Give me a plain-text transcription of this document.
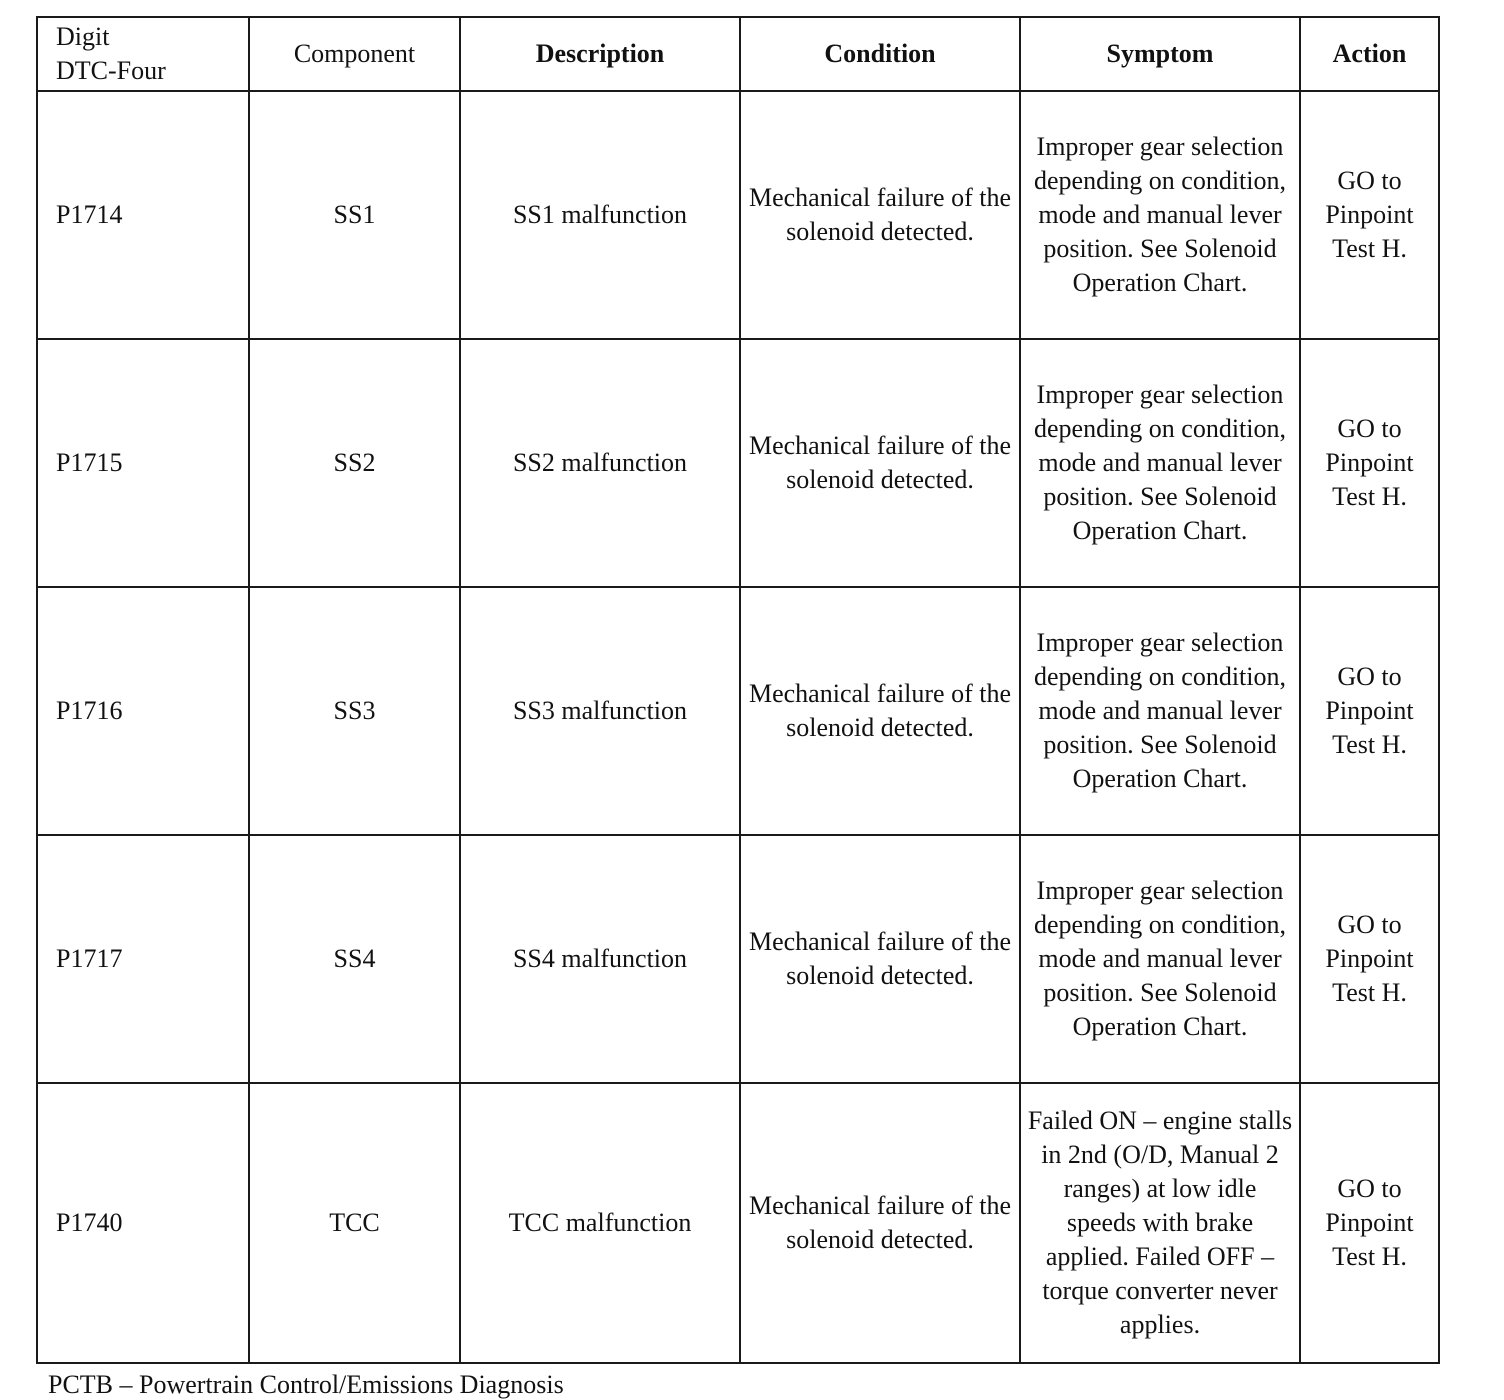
Digit
DTC-Four	Component	Description	Condition	Symptom	Action
P1714	SS1	SS1 malfunction	Mechanical failure of the solenoid detected.	Improper gear selection depending on condition, mode and manual lever position. See Solenoid Operation Chart.	GO to Pinpoint Test H.
P1715	SS2	SS2 malfunction	Mechanical failure of the solenoid detected.	Improper gear selection depending on condition, mode and manual lever position. See Solenoid Operation Chart.	GO to Pinpoint Test H.
P1716	SS3	SS3 malfunction	Mechanical failure of the solenoid detected.	Improper gear selection depending on condition, mode and manual lever position. See Solenoid Operation Chart.	GO to Pinpoint Test H.
P1717	SS4	SS4 malfunction	Mechanical failure of the solenoid detected.	Improper gear selection depending on condition, mode and manual lever position. See Solenoid Operation Chart.	GO to Pinpoint Test H.
P1740	TCC	TCC malfunction	Mechanical failure of the solenoid detected.	Failed ON – engine stalls in 2nd (O/D, Manual 2 ranges) at low idle speeds with brake applied. Failed OFF – torque converter never applies.	GO to Pinpoint Test H.
PCTB – Powertrain Control/Emissions Diagnosis
